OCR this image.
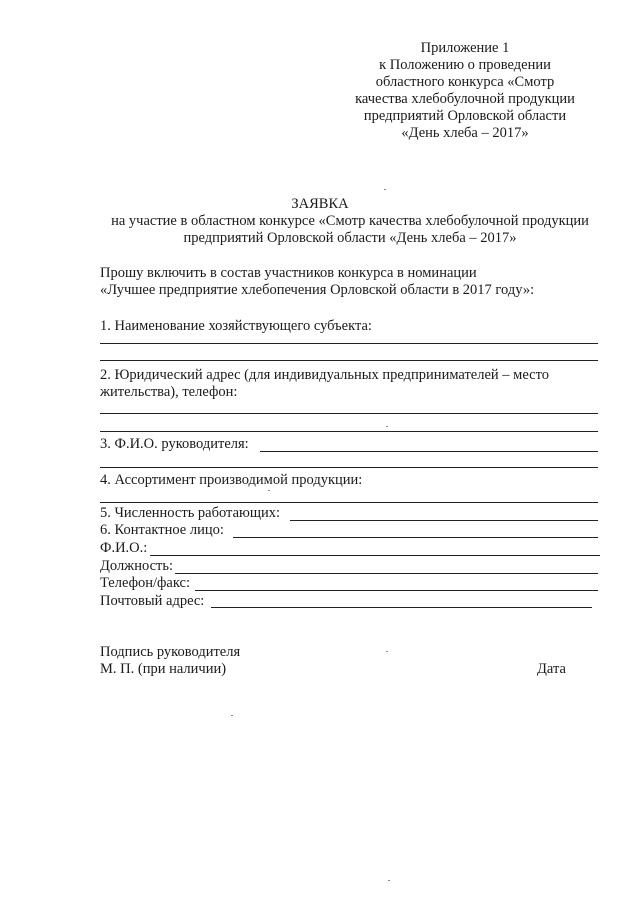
Приложение 1
к Положению о проведении
областного конкурса «Смотр
качества хлебобулочной продукции
предприятий Орловской области
«День хлеба – 2017»
ЗАЯВКА
на участие в областном конкурсе «Смотр качества хлебобулочной продукции
предприятий Орловской области «День хлеба – 2017»
Прошу включить в состав участников конкурса в номинации
«Лучшее предприятие хлебопечения Орловской области в 2017 году»:
1. Наименование хозяйствующего субъекта:
2. Юридический адрес (для индивидуальных предпринимателей – место
жительства), телефон:
3. Ф.И.О. руководителя:
4. Ассортимент производимой продукции:
5. Численность работающих:
6. Контактное лицо:
Ф.И.О.:
Должность:
Телефон/факс:
Почтовый адрес:
Подпись руководителя
М. П. (при наличии)	Дата
